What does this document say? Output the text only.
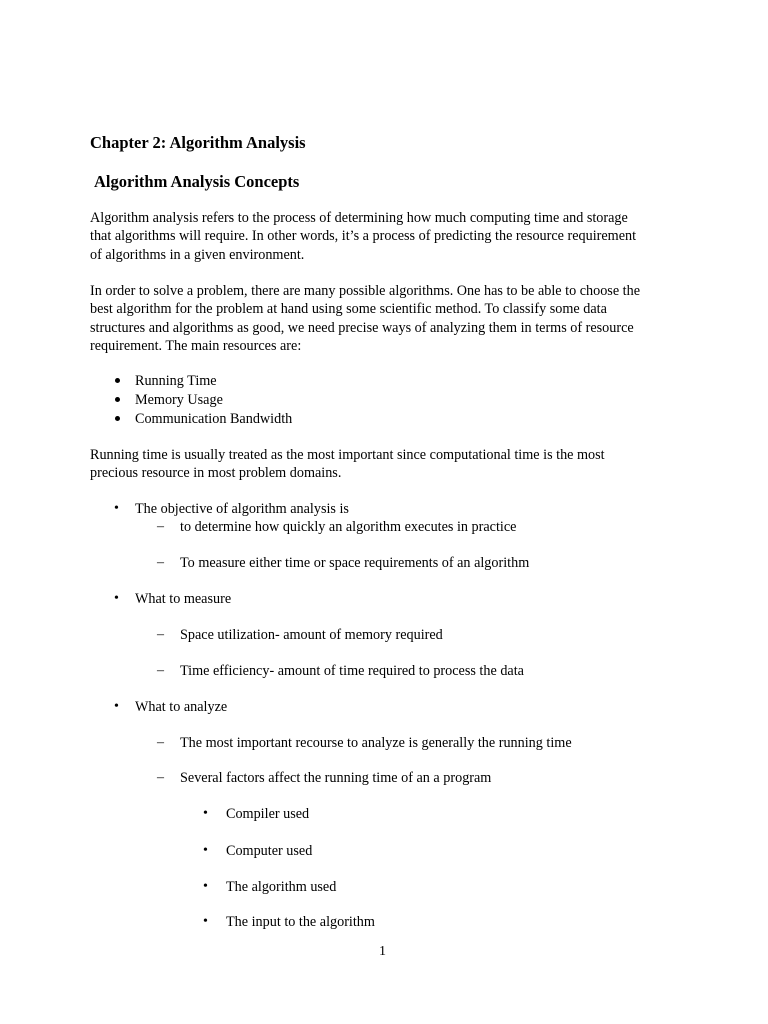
Chapter 2: Algorithm Analysis
Algorithm Analysis Concepts

Algorithm analysis refers to the process of determining how much computing time and storage
that algorithms will require. In other words, it’s a process of predicting the resource requirement
of algorithms in a given environment.

In order to solve a problem, there are many possible algorithms. One has to be able to choose the
best algorithm for the problem at hand using some scientific method. To classify some data
structures and algorithms as good, we need precise ways of analyzing them in terms of resource
requirement. The main resources are:

Running Time
Memory Usage
Communication Bandwidth

Running time is usually treated as the most important since computational time is the most
precious resource in most problem domains.

• The objective of algorithm analysis is
– to determine how quickly an algorithm executes in practice
– To measure either time or space requirements of an algorithm
• What to measure
– Space utilization- amount of memory required
– Time efficiency- amount of time required to process the data
• What to analyze
– The most important recourse to analyze is generally the running time
– Several factors affect the running time of an a program
• Compiler used
• Computer used
• The algorithm used
• The input to the algorithm
1
